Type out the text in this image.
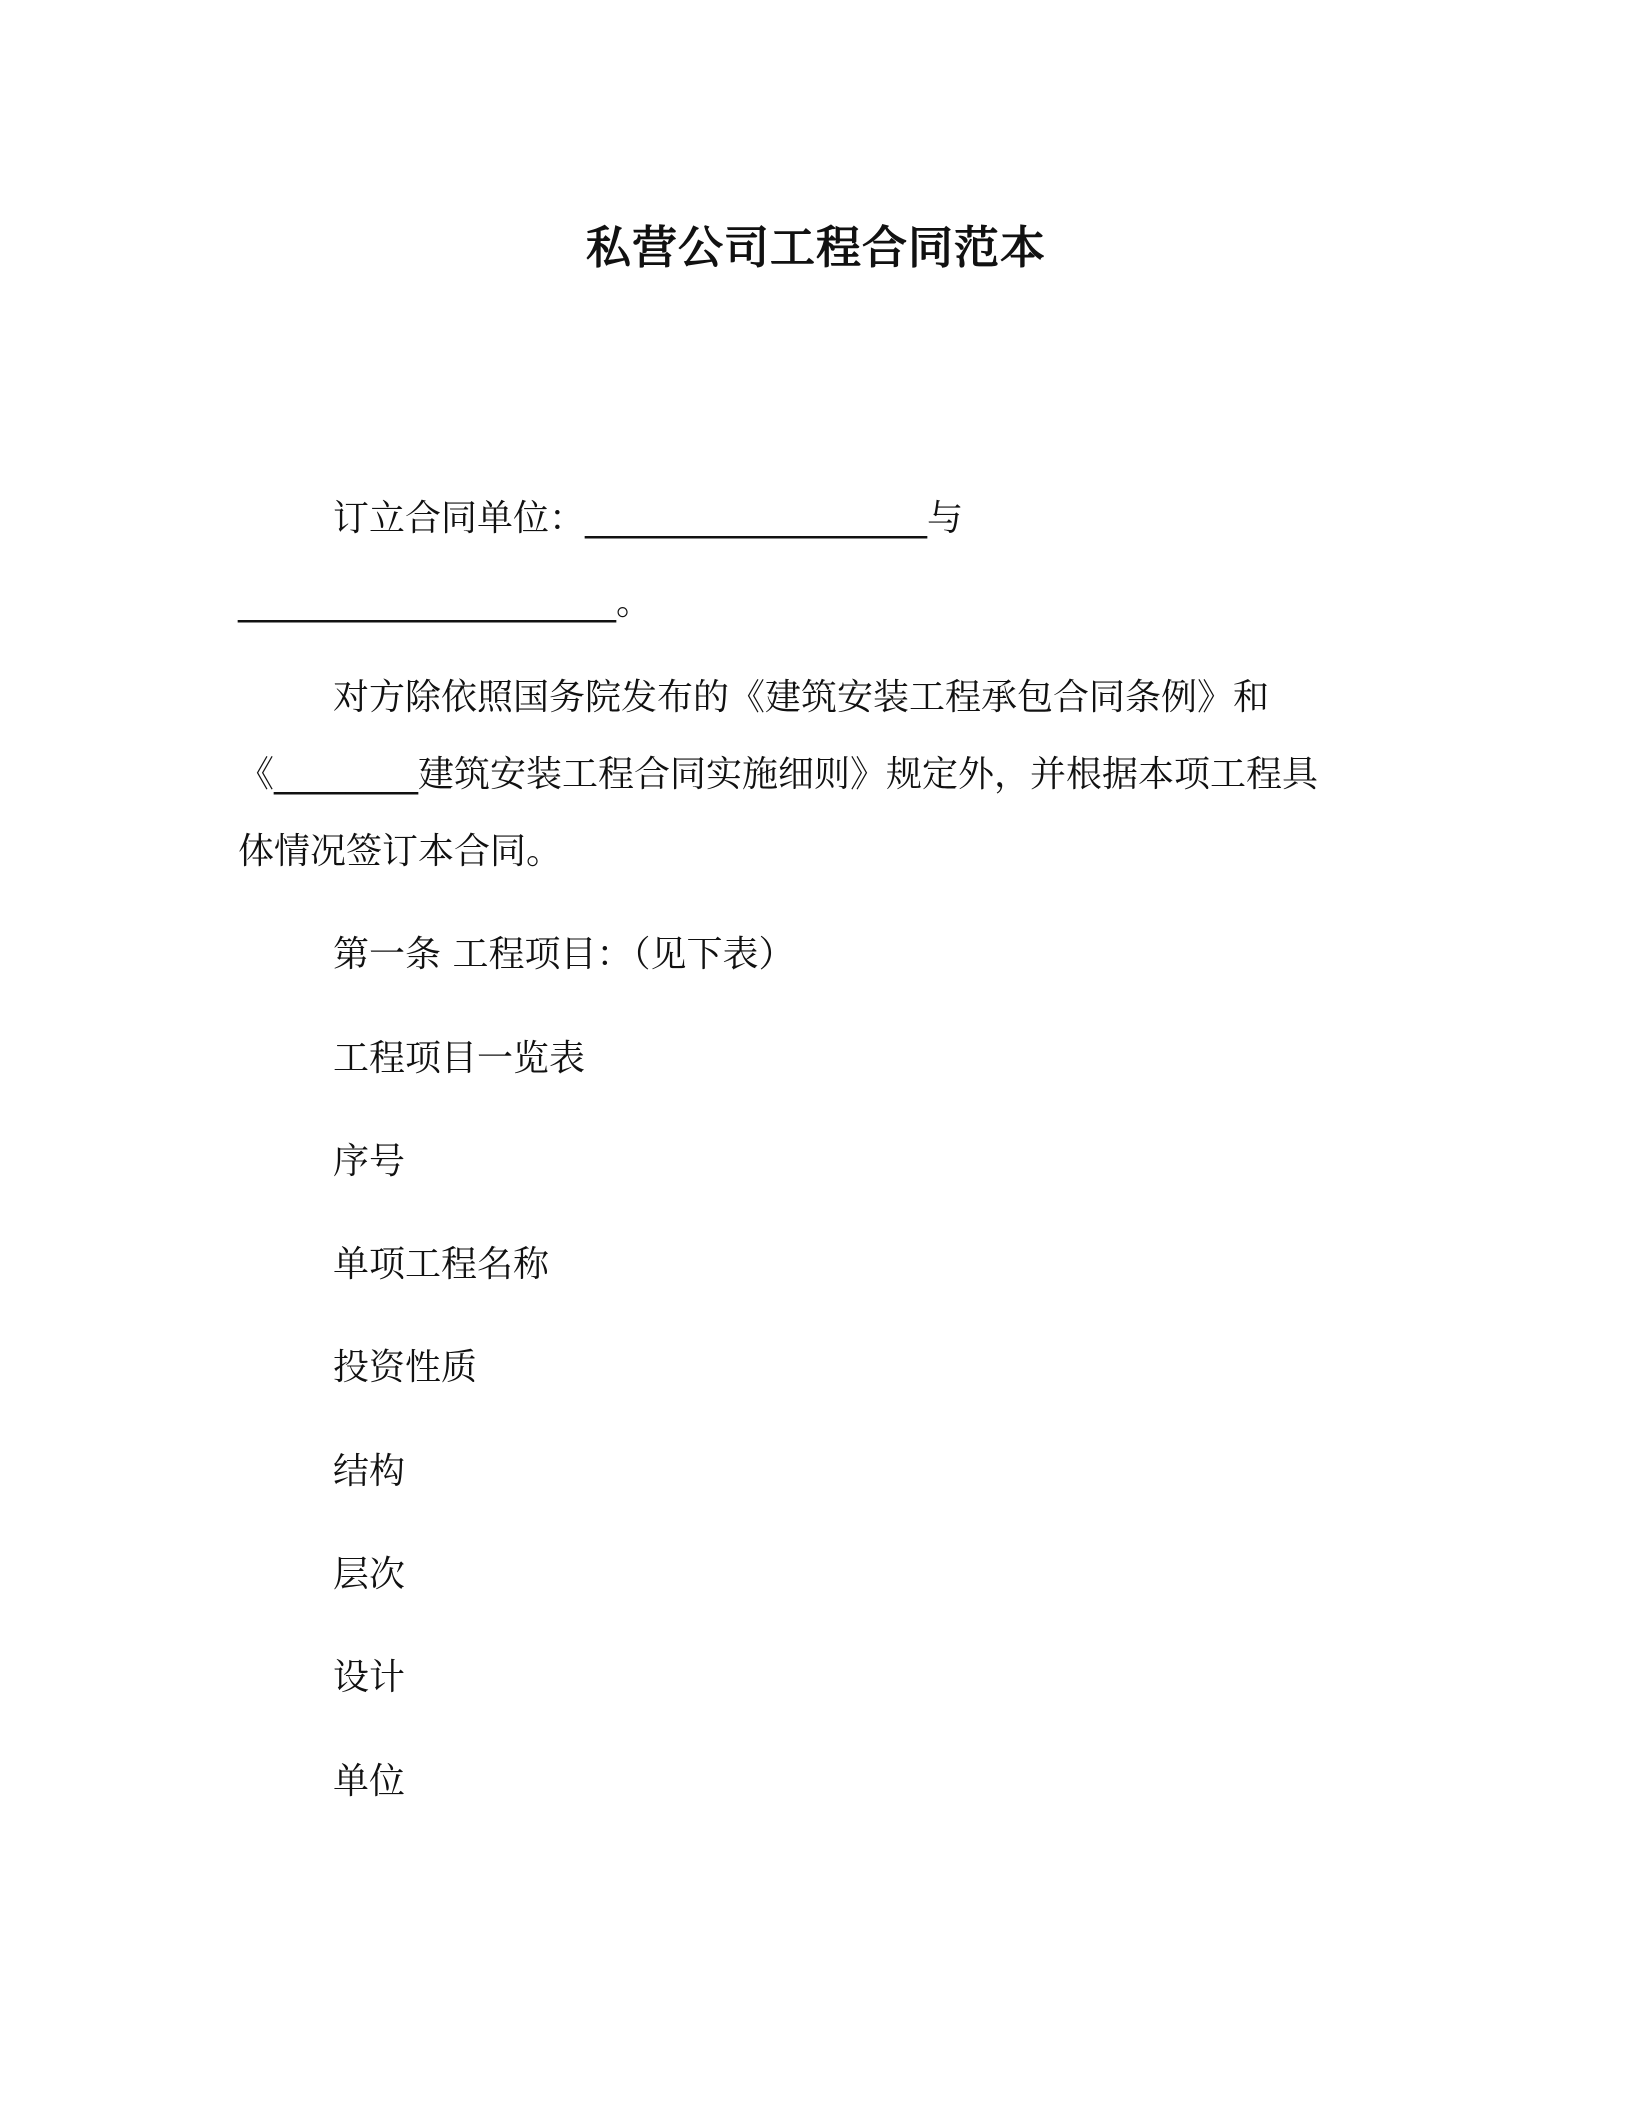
私营公司工程合同范本
订立合同单位：___________________与
_____________________。
对方除依照国务院发布的《建筑安装工程承包合同条例》和
《________建筑安装工程合同实施细则》规定外，并根据本项工程具
体情况签订本合同。
第一条 工程项目：（见下表）
工程项目一览表
序号
单项工程名称
投资性质
结构
层次
设计
单位
